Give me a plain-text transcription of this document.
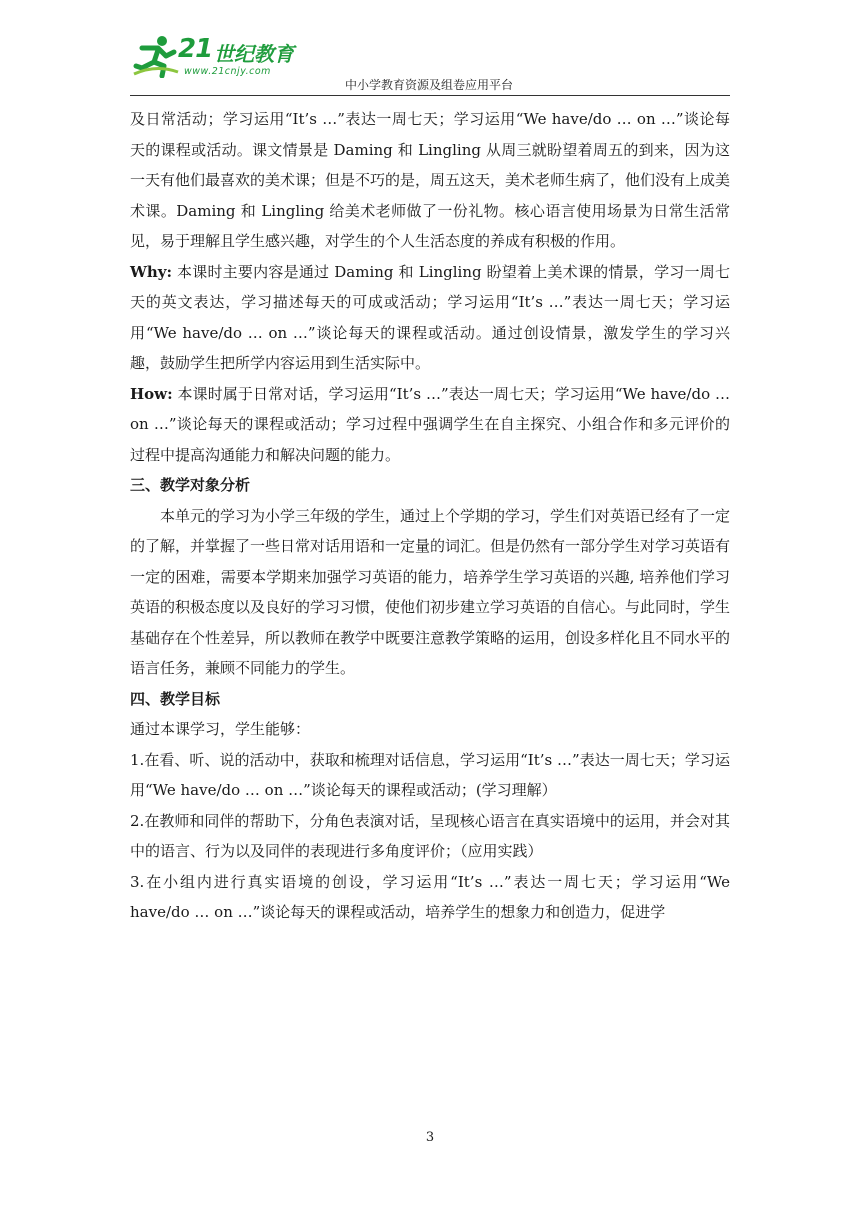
21 世纪教育
www.21cnjy.com
中小学教育资源及组卷应用平台

及日常活动；学习运用“It’s …”表达一周七天；学习运用“We have/do … on …”谈论每天的课程或活动。课文情景是 Daming 和 Lingling 从周三就盼望着周五的到来，因为这一天有他们最喜欢的美术课；但是不巧的是，周五这天，美术老师生病了，他们没有上成美术课。Daming 和 Lingling 给美术老师做了一份礼物。核心语言使用场景为日常生活常见，易于理解且学生感兴趣，对学生的个人生活态度的养成有积极的作用。

Why: 本课时主要内容是通过 Daming 和 Lingling 盼望着上美术课的情景，学习一周七天的英文表达，学习描述每天的可成或活动；学习运用“It’s …”表达一周七天；学习运用“We have/do … on …”谈论每天的课程或活动。通过创设情景，激发学生的学习兴趣，鼓励学生把所学内容运用到生活实际中。

How: 本课时属于日常对话，学习运用“It’s …”表达一周七天；学习运用“We have/do … on …”谈论每天的课程或活动；学习过程中强调学生在自主探究、小组合作和多元评价的过程中提高沟通能力和解决问题的能力。

三、教学对象分析

本单元的学习为小学三年级的学生，通过上个学期的学习，学生们对英语已经有了一定的了解，并掌握了一些日常对话用语和一定量的词汇。但是仍然有一部分学生对学习英语有一定的困难，需要本学期来加强学习英语的能力，培养学生学习英语的兴趣, 培养他们学习英语的积极态度以及良好的学习习惯，使他们初步建立学习英语的自信心。与此同时，学生基础存在个性差异，所以教师在教学中既要注意教学策略的运用，创设多样化且不同水平的语言任务，兼顾不同能力的学生。

四、教学目标

通过本课学习，学生能够：

1.在看、听、说的活动中，获取和梳理对话信息，学习运用“It’s …”表达一周七天；学习运用“We have/do … on …”谈论每天的课程或活动；(学习理解）

2.在教师和同伴的帮助下，分角色表演对话，呈现核心语言在真实语境中的运用，并会对其中的语言、行为以及同伴的表现进行多角度评价；（应用实践）

3.在小组内进行真实语境的创设，学习运用“It’s …”表达一周七天；学习运用“We have/do … on …”谈论每天的课程或活动，培养学生的想象力和创造力，促进学

3
